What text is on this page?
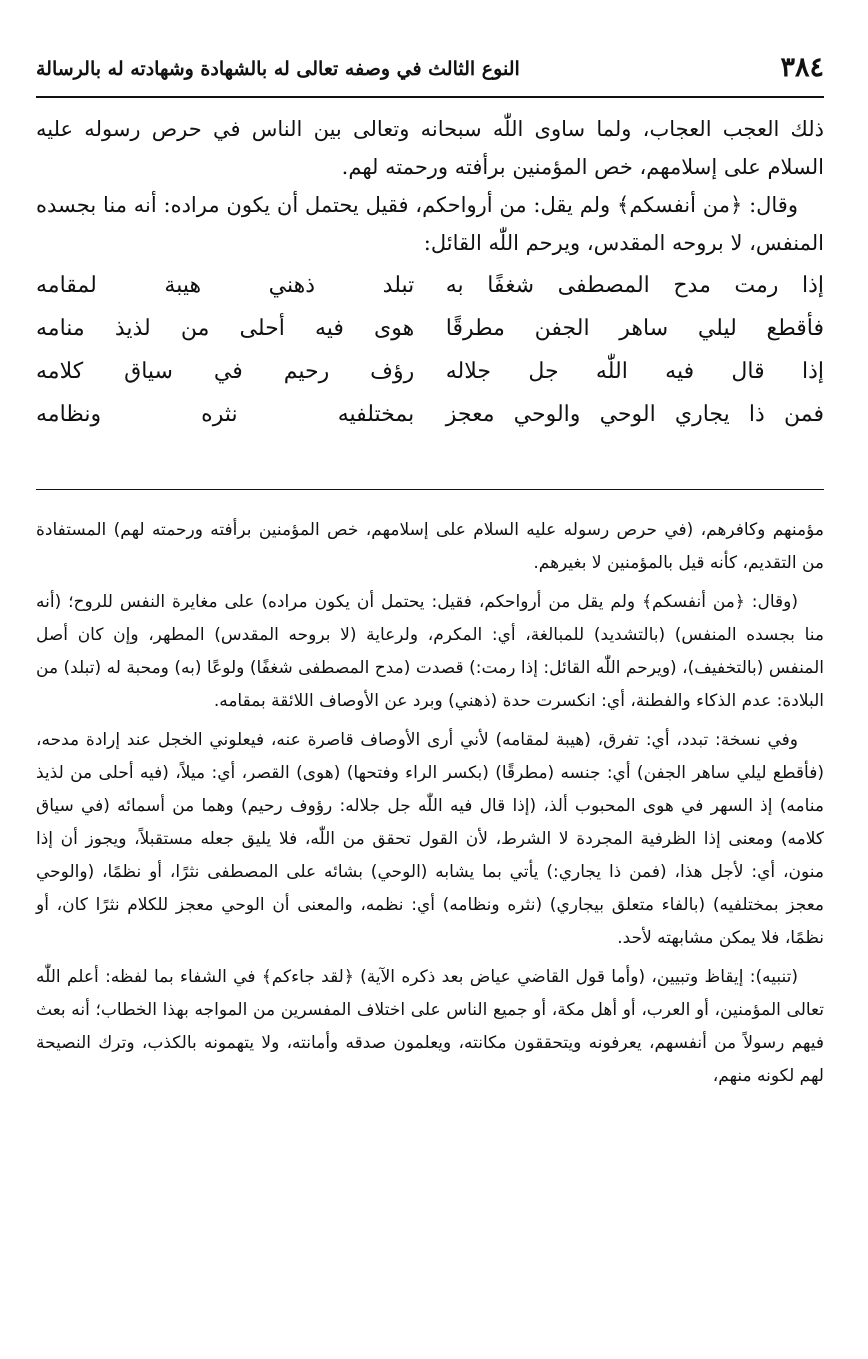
٣٨٤
النوع الثالث في وصفه تعالى له بالشهادة وشهادته له بالرسالة

ذلك العجب العجاب، ولما ساوى اللّٰه سبحانه وتعالى بين الناس في حرص رسوله عليه السلام على إسلامهم، خص المؤمنين برأفته ورحمته لهم.

وقال: ﴿من أنفسكم﴾ ولم يقل: من أرواحكم، فقيل يحتمل أن يكون مراده: أنه منا بجسده المنفس، لا بروحه المقدس، ويرحم اللّٰه القائل:

إذا رمت مدح المصطفى شغفًا به
تبلد ذهني هيبة لمقامه
فأقطع ليلي ساهر الجفن مطرقًا
هوى فيه أحلى من لذيذ منامه
إذا قال فيه اللّٰه جل جلاله
رؤف رحيم في سياق كلامه
فمن ذا يجاري الوحي والوحي معجز
بمختلفيه نثره ونظامه

مؤمنهم وكافرهم، (في حرص رسوله عليه السلام على إسلامهم، خص المؤمنين برأفته ورحمته لهم) المستفادة من التقديم، كأنه قيل بالمؤمنين لا بغيرهم.

(وقال: ﴿من أنفسكم﴾ ولم يقل من أرواحكم، فقيل: يحتمل أن يكون مراده) على مغايرة النفس للروح؛ (أنه منا بجسده المنفس) (بالتشديد) للمبالغة، أي: المكرم، ولرعاية (لا بروحه المقدس) المطهر، وإن كان أصل المنفس (بالتخفيف)، (ويرحم اللّٰه القائل: إذا رمت:) قصدت (مدح المصطفى شغفًا) ولوعًا (به) ومحبة له (تبلد) من البلادة: عدم الذكاء والفطنة، أي: انكسرت حدة (ذهني) وبرد عن الأوصاف اللائقة بمقامه.

وفي نسخة: تبدد، أي: تفرق، (هيبة لمقامه) لأني أرى الأوصاف قاصرة عنه، فيعلوني الخجل عند إرادة مدحه، (فأقطع ليلي ساهر الجفن) أي: جنسه (مطرقًا) (بكسر الراء وفتحها) (هوى) القصر، أي: ميلاً، (فيه أحلى من لذيذ منامه) إذ السهر في هوى المحبوب ألذ، (إذا قال فيه اللّٰه جل جلاله: رؤوف رحيم) وهما من أسمائه (في سياق كلامه) ومعنى إذا الظرفية المجردة لا الشرط، لأن القول تحقق من اللّٰه، فلا يليق جعله مستقبلاً، ويجوز أن إذا منون، أي: لأجل هذا، (فمن ذا يجاري:) يأتي بما يشابه (الوحي) بشائه على المصطفى نثرًا، أو نظمًا، (والوحي معجز بمختلفيه) (بالفاء متعلق بيجاري) (نثره ونظامه) أي: نظمه، والمعنى أن الوحي معجز للكلام نثرًا كان، أو نظمًا، فلا يمكن مشابهته لأحد.

(تنبيه): إيقاظ وتبيين، (وأما قول القاضي عياض بعد ذكره الآية) ﴿لقد جاءكم﴾ في الشفاء بما لفظه: أعلم اللّٰه تعالى المؤمنين، أو العرب، أو أهل مكة، أو جميع الناس على اختلاف المفسرين من المواجه بهذا الخطاب؛ أنه بعث فيهم رسولاً من أنفسهم، يعرفونه ويتحققون مكانته، ويعلمون صدقه وأمانته، ولا يتهمونه بالكذب، وترك النصيحة لهم لكونه منهم،
